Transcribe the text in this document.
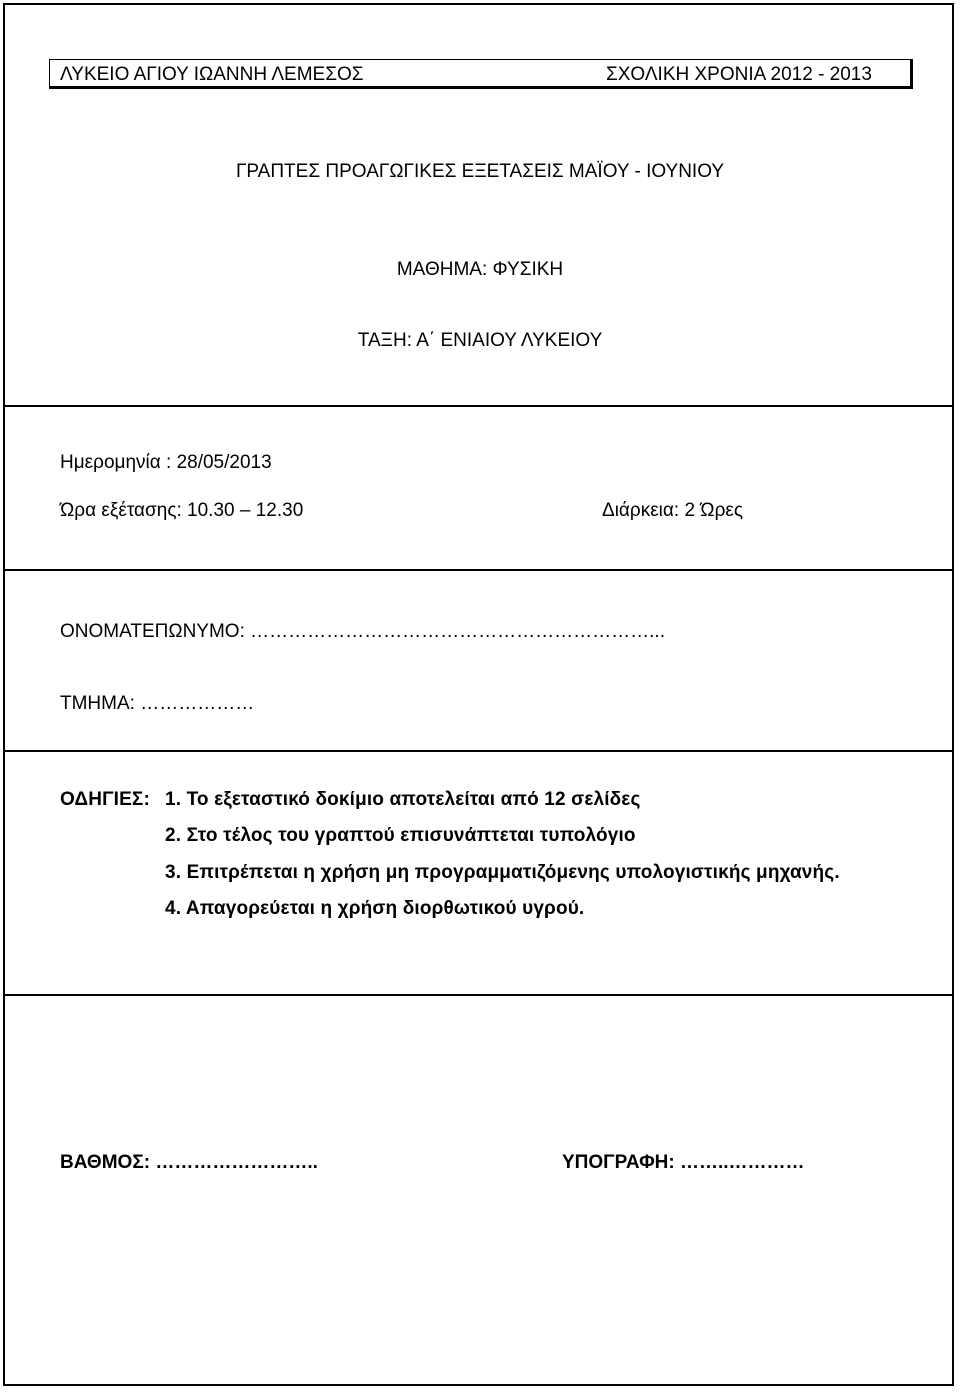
ΛΥΚΕΙΟ ΑΓΙΟΥ ΙΩΑΝΝΗ ΛΕΜΕΣΟΣ	ΣΧΟΛΙΚΗ ΧΡΟΝΙΑ 2012 - 2013
ΓΡΑΠΤΕΣ ΠΡΟΑΓΩΓΙΚΕΣ ΕΞΕΤΑΣΕΙΣ ΜΑΪΟΥ - ΙΟΥΝΙΟΥ
ΜΑΘΗΜΑ: ΦΥΣΙΚΗ
ΤΑΞΗ: Α΄ ΕΝΙΑΙΟΥ ΛΥΚΕΙΟΥ
Ημερομηνία : 28/05/2013
Ώρα εξέτασης: 10.30 – 12.30	Διάρκεια: 2 Ώρες
ΟΝΟΜΑΤΕΠΩΝΥΜΟ: ………………………………………………………...
ΤΜΗΜΑ: ………………
ΟΔΗΓΙΕΣ: 1. Το εξεταστικό δοκίμιο αποτελείται από 12 σελίδες
2. Στο τέλος του γραπτού επισυνάπτεται τυπολόγιο
3. Επιτρέπεται η χρήση μη προγραμματιζόμενης υπολογιστικής μηχανής.
4. Απαγορεύεται η χρήση διορθωτικού υγρού.
ΒΑΘΜΟΣ: ……………………..	ΥΠΟΓΡΑΦΗ: ……..…………
